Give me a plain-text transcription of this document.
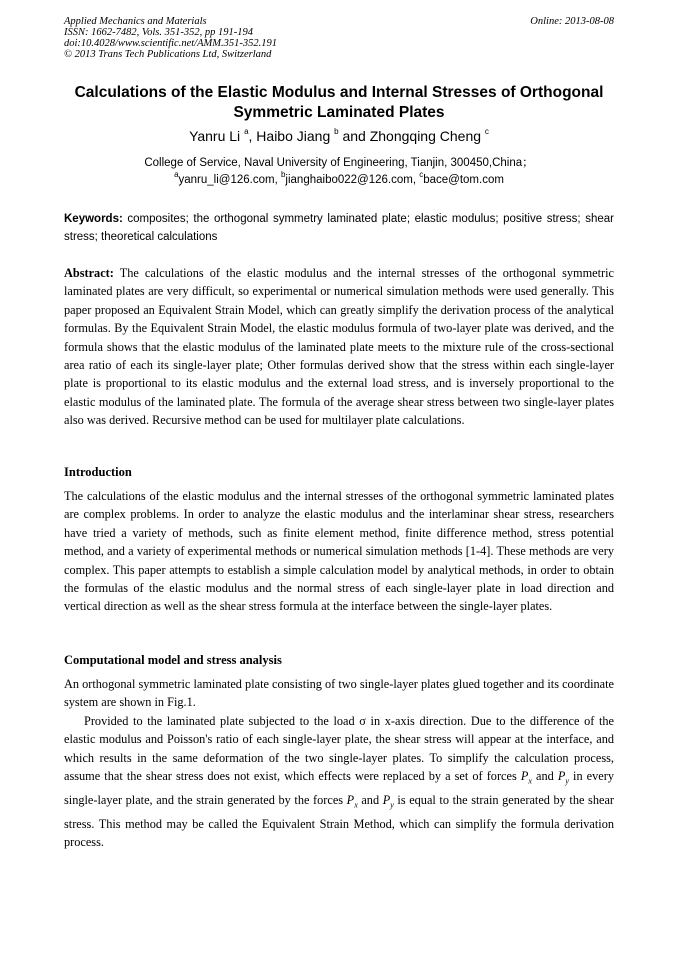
Applied Mechanics and Materials
ISSN: 1662-7482, Vols. 351-352, pp 191-194
doi:10.4028/www.scientific.net/AMM.351-352.191
© 2013 Trans Tech Publications Ltd, Switzerland
Online: 2013-08-08
Calculations of the Elastic Modulus and Internal Stresses of Orthogonal Symmetric Laminated Plates
Yanru Li $^a$, Haibo Jiang $^b$ and Zhongqing Cheng $^c$
College of Service, Naval University of Engineering, Tianjin, 300450,China；
$^a$yanru_li@126.com, $^b$jianghaibo022@126.com, $^c$bace@tom.com
Keywords: composites; the orthogonal symmetry laminated plate; elastic modulus; positive stress; shear stress; theoretical calculations
Abstract: The calculations of the elastic modulus and the internal stresses of the orthogonal symmetric laminated plates are very difficult, so experimental or numerical simulation methods were used generally. This paper proposed an Equivalent Strain Model, which can greatly simplify the derivation process of the analytical formulas. By the Equivalent Strain Model, the elastic modulus formula of two-layer plate was derived, and the formula shows that the elastic modulus of the laminated plate meets to the mixture rule of the cross-sectional area ratio of each its single-layer plate; Other formulas derived show that the stress within each single-layer plate is proportional to its elastic modulus and the external load stress, and is inversely proportional to the elastic modulus of the laminated plate. The formula of the average shear stress between two single-layer plates also was derived. Recursive method can be used for multilayer plate calculations.
Introduction
The calculations of the elastic modulus and the internal stresses of the orthogonal symmetric laminated plates are complex problems. In order to analyze the elastic modulus and the interlaminar shear stress, researchers have tried a variety of methods, such as finite element method, finite difference method, stress potential method, and a variety of experimental methods or numerical simulation methods [1-4]. These methods are very complex. This paper attempts to establish a simple calculation model by analytical methods, in order to obtain the formulas of the elastic modulus and the normal stress of each single-layer plate in load direction and vertical direction as well as the shear stress formula at the interface between the single-layer plates.
Computational model and stress analysis
An orthogonal symmetric laminated plate consisting of two single-layer plates glued together and its coordinate system are shown in Fig.1.
Provided to the laminated plate subjected to the load σ in x-axis direction. Due to the difference of the elastic modulus and Poisson's ratio of each single-layer plate, the shear stress will appear at the interface, and which results in the same deformation of the two single-layer plates. To simplify the calculation process, assume that the shear stress does not exist, which effects were replaced by a set of forces $P_x$ and $P_y$ in every single-layer plate, and the strain generated by the forces $P_x$ and $P_y$ is equal to the strain generated by the shear stress. This method may be called the Equivalent Strain Method, which can simplify the formula derivation process.
